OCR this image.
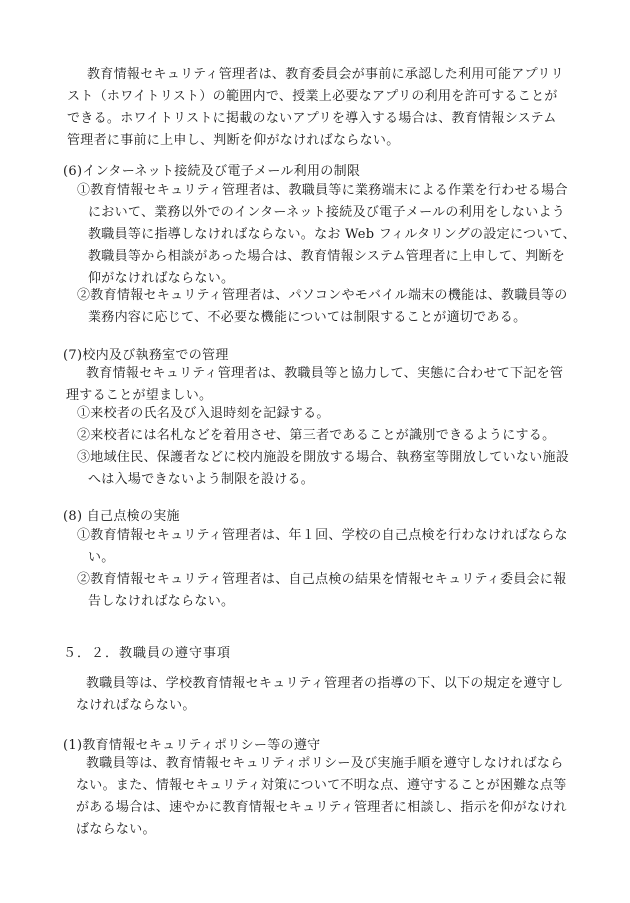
教育情報セキュリティ管理者は、教育委員会が事前に承認した利用可能アプリリ
スト（ホワイトリスト）の範囲内で、授業上必要なアプリの利用を許可することが
できる。ホワイトリストに掲載のないアプリを導入する場合は、教育情報システム
管理者に事前に上申し、判断を仰がなければならない。
(6)インターネット接続及び電子メール利用の制限
①教育情報セキュリティ管理者は、教職員等に業務端末による作業を行わせる場合
において、業務以外でのインターネット接続及び電子メールの利用をしないよう
教職員等に指導しなければならない。なお Web フィルタリングの設定について、
教職員等から相談があった場合は、教育情報システム管理者に上申して、判断を
仰がなければならない。
②教育情報セキュリティ管理者は、パソコンやモバイル端末の機能は、教職員等の
業務内容に応じて、不必要な機能については制限することが適切である。
(7)校内及び執務室での管理
教育情報セキュリティ管理者は、教職員等と協力して、実態に合わせて下記を管
理することが望ましい。
①来校者の氏名及び入退時刻を記録する。
②来校者には名札などを着用させ、第三者であることが識別できるようにする。
③地域住民、保護者などに校内施設を開放する場合、執務室等開放していない施設
へは入場できないよう制限を設ける。
(8) 自己点検の実施
①教育情報セキュリティ管理者は、年１回、学校の自己点検を行わなければならな
い。
②教育情報セキュリティ管理者は、自己点検の結果を情報セキュリティ委員会に報
告しなければならない。
５．２．教職員の遵守事項
教職員等は、学校教育情報セキュリティ管理者の指導の下、以下の規定を遵守し
なければならない。
(1)教育情報セキュリティポリシー等の遵守
教職員等は、教育情報セキュリティポリシー及び実施手順を遵守しなければなら
ない。また、情報セキュリティ対策について不明な点、遵守することが困難な点等
がある場合は、速やかに教育情報セキュリティ管理者に相談し、指示を仰がなけれ
ばならない。
